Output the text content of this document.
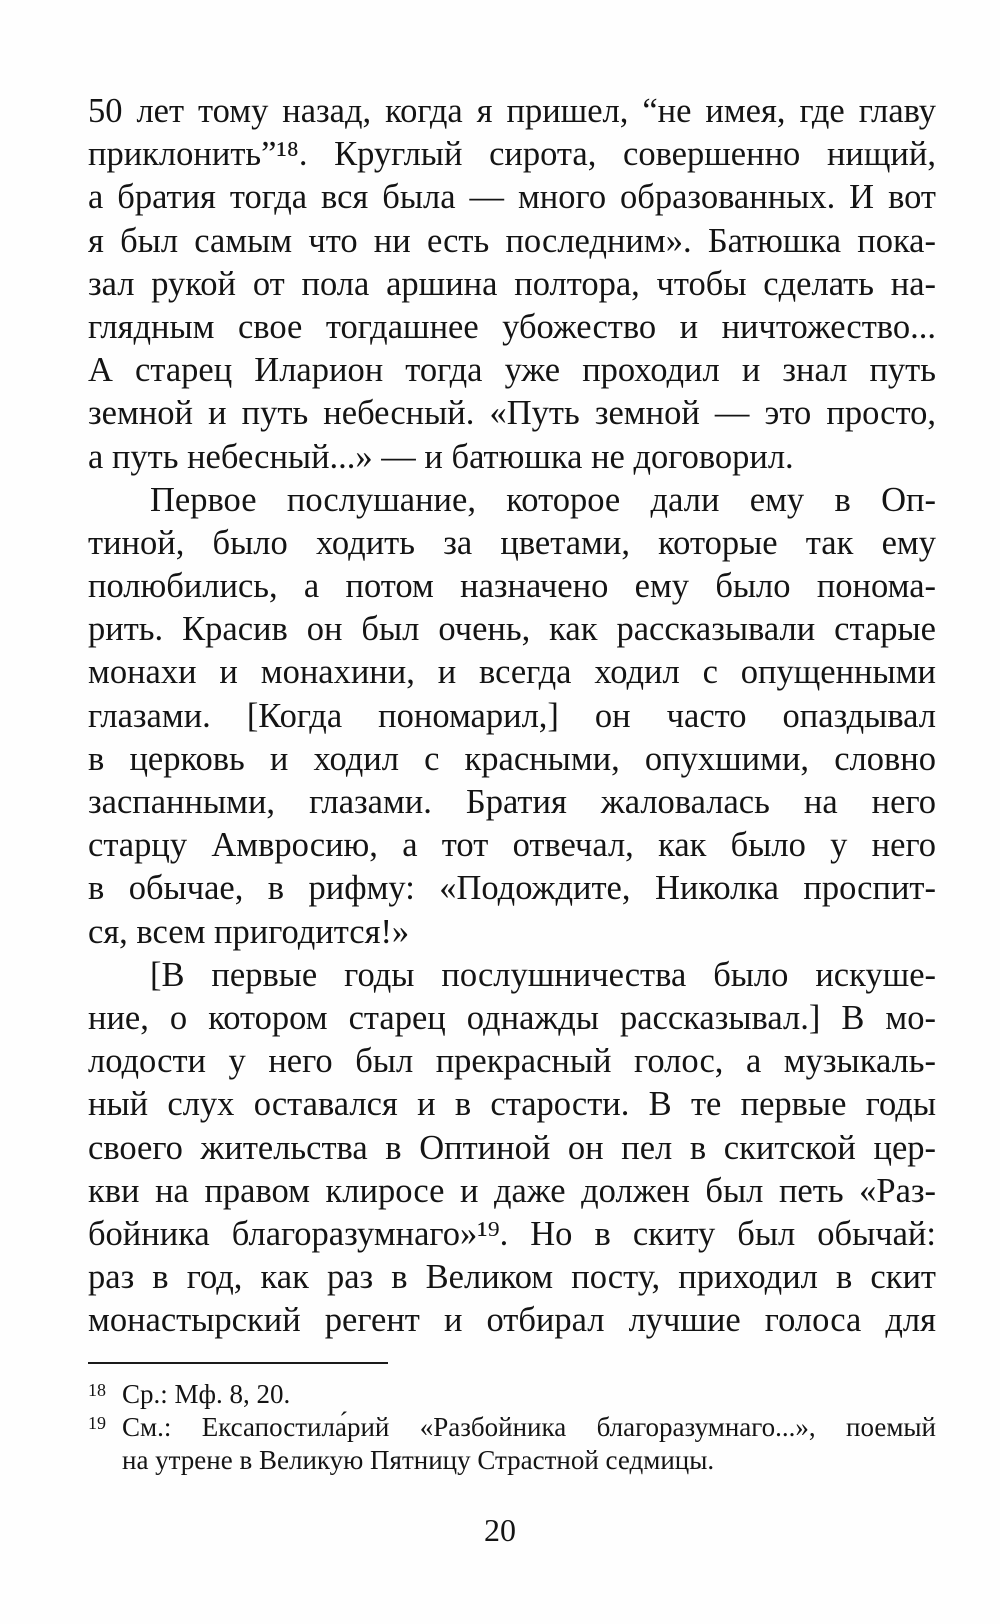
50 лет тому назад, когда я пришел, “не имея, где главу
приклонить”¹⁸. Круглый сирота, совершенно нищий,
а братия тогда вся была — много образованных. И вот
я был самым что ни есть последним». Батюшка пока-
зал рукой от пола аршина полтора, чтобы сделать на-
глядным свое тогдашнее убожество и ничтожество...
А старец Иларион тогда уже проходил и знал путь
земной и путь небесный. «Путь земной — это просто,
а путь небесный...» — и батюшка не договорил.
Первое послушание, которое дали ему в Оп-
тиной, было ходить за цветами, которые так ему
полюбились, а потом назначено ему было понома-
рить. Красив он был очень, как рассказывали старые
монахи и монахини, и всегда ходил с опущенными
глазами. [Когда пономарил,] он часто опаздывал
в церковь и ходил с красными, опухшими, словно
заспанными, глазами. Братия жаловалась на него
старцу Амвросию, а тот отвечал, как было у него
в обычае, в рифму: «Подождите, Николка проспит-
ся, всем пригодится!»
[В первые годы послушничества было искуше-
ние, о котором старец однажды рассказывал.] В мо-
лодости у него был прекрасный голос, а музыкаль-
ный слух оставался и в старости. В те первые годы
своего жительства в Оптиной он пел в скитской цер-
кви на правом клиросе и даже должен был петь «Раз-
бойника благоразумнаго»¹⁹. Но в скиту был обычай:
раз в год, как раз в Великом посту, приходил в скит
монастырский регент и отбирал лучшие голоса для
18 Ср.: Мф. 8, 20.
19 См.: Ексапостила́рий «Разбойника благоразумнаго...», поемый
на утрене в Великую Пятницу Страстной седмицы.
20
